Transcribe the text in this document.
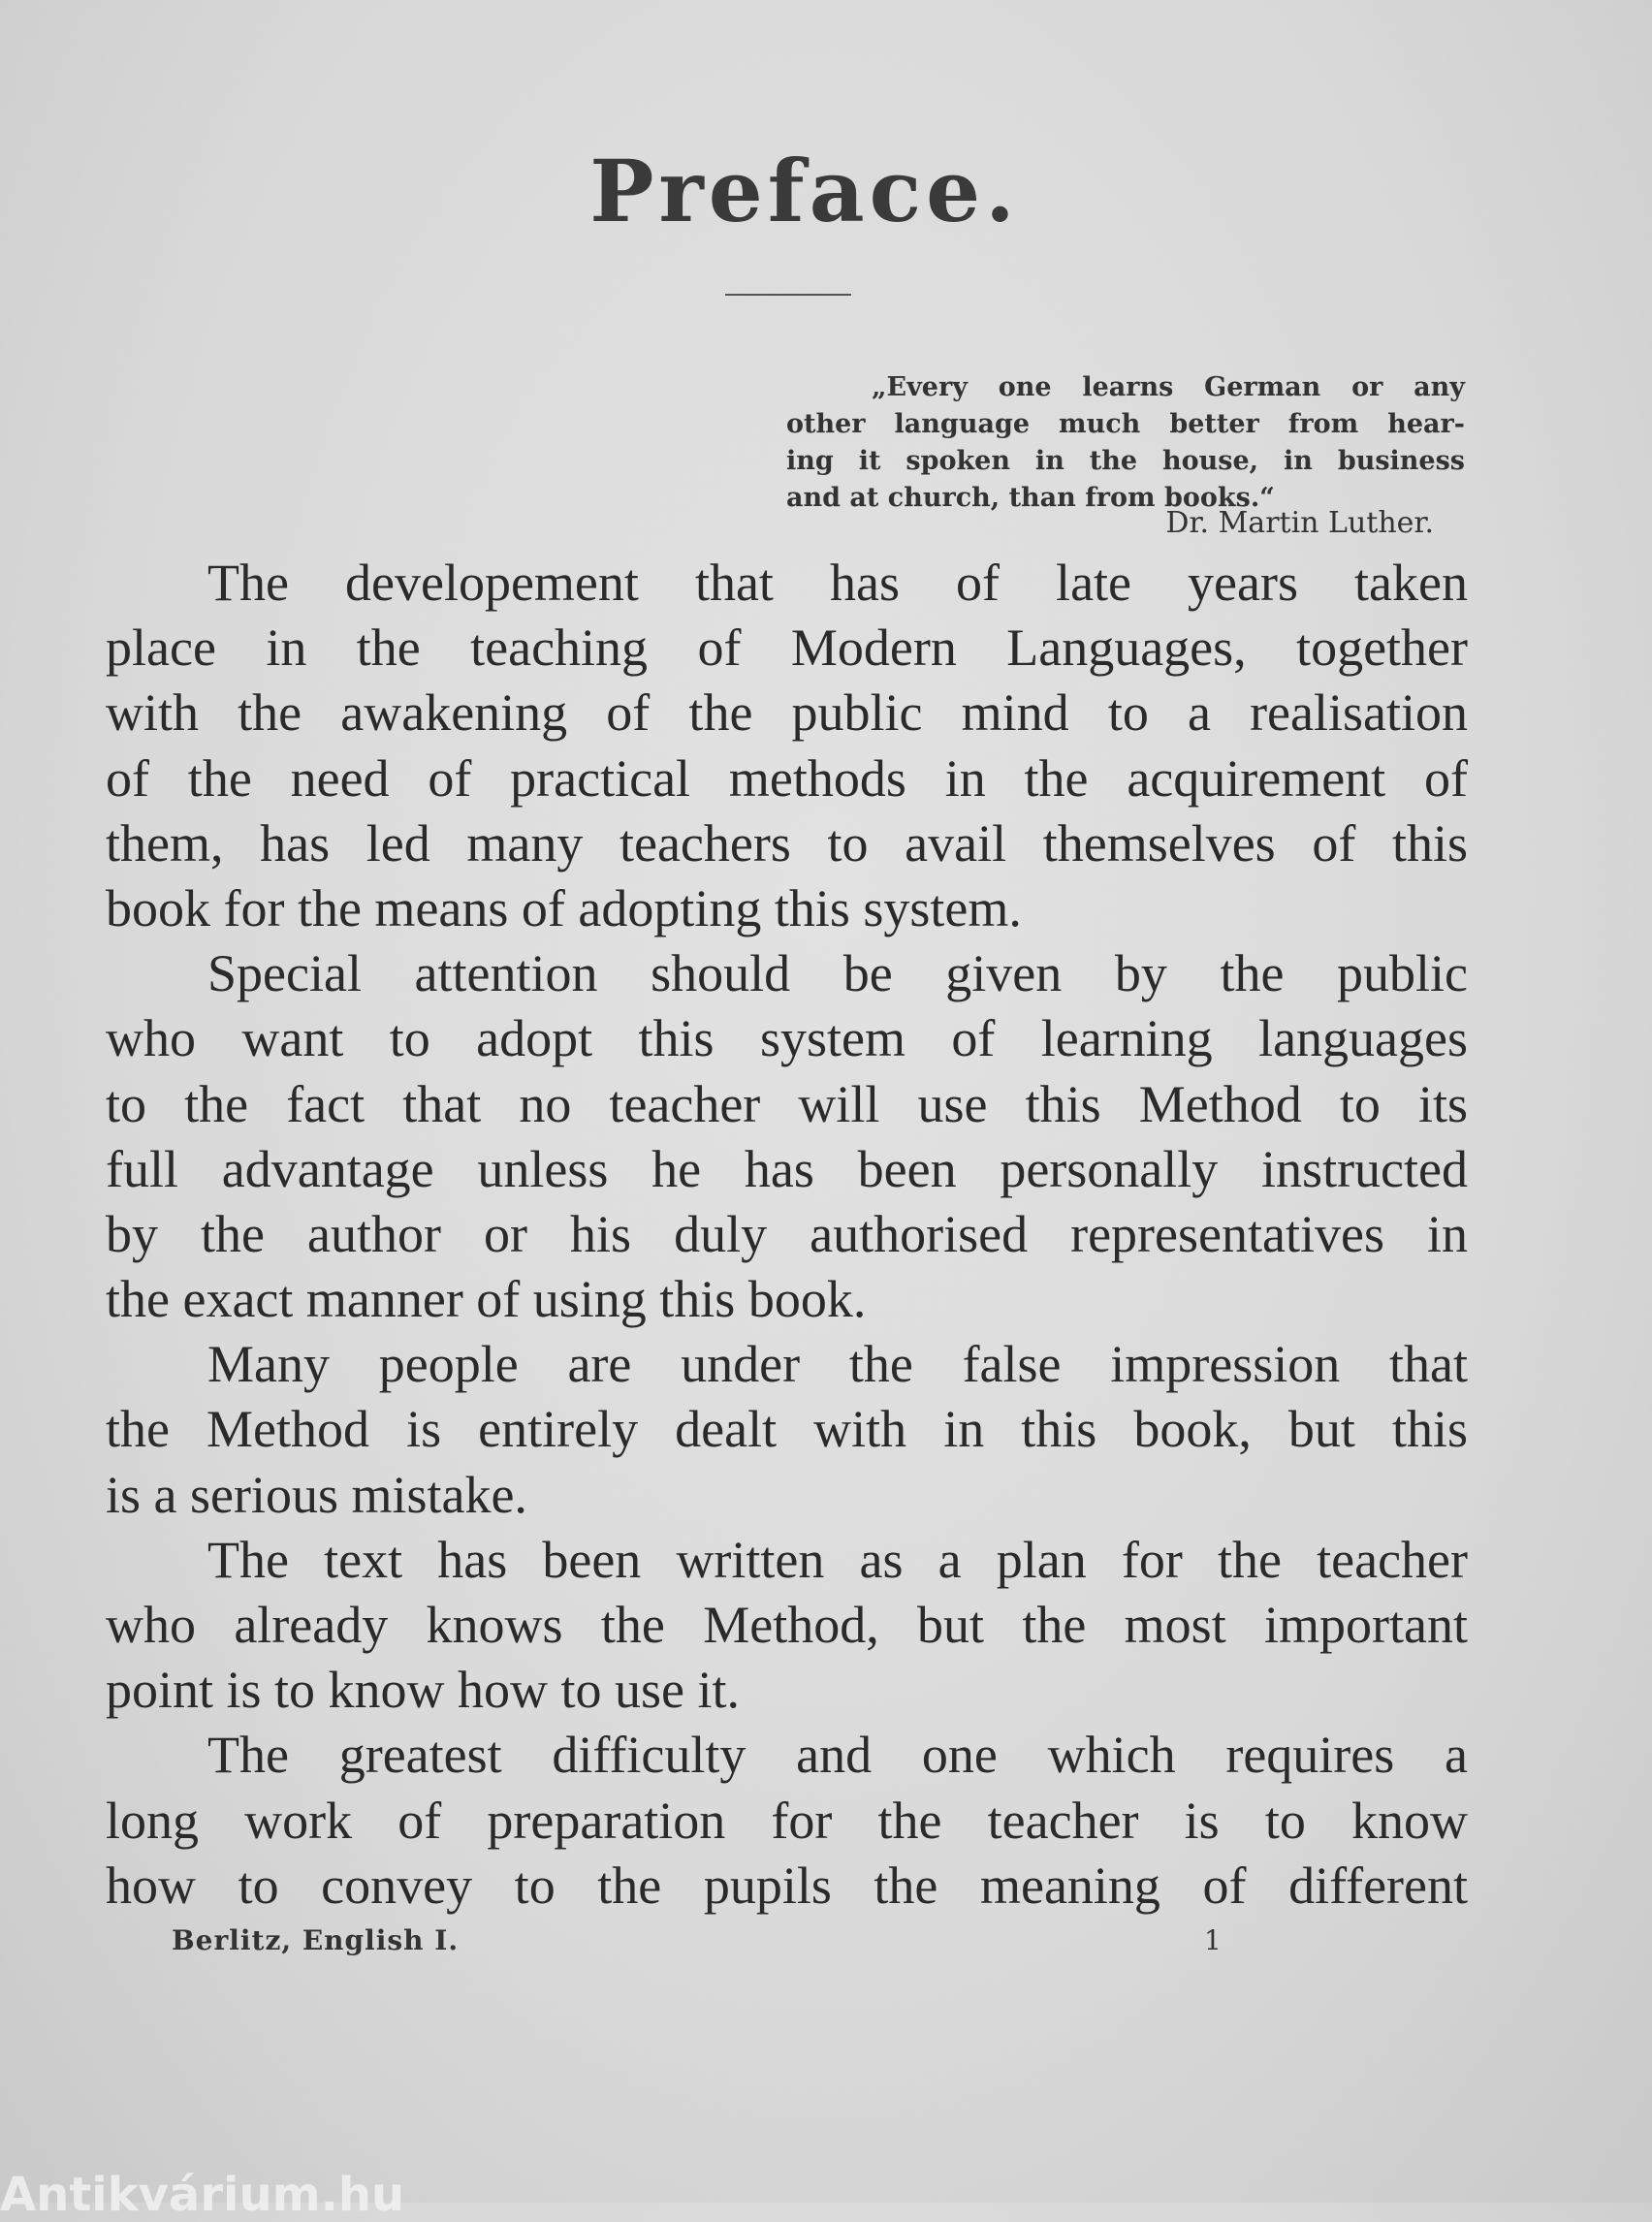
Preface.
„Every one learns German or any
other language much better from hear-
ing it spoken in the house, in business
and at church, than from books.“
Dr. Martin Luther.
The developement that has of late years taken
place in the teaching of Modern Languages, together
with the awakening of the public mind to a realisation
of the need of practical methods in the acquirement of
them, has led many teachers to avail themselves of this
book for the means of adopting this system.
Special attention should be given by the public
who want to adopt this system of learning languages
to the fact that no teacher will use this Method to its
full advantage unless he has been personally instructed
by the author or his duly authorised representatives in
the exact manner of using this book.
Many people are under the false impression that
the Method is entirely dealt with in this book, but this
is a serious mistake.
The text has been written as a plan for the teacher
who already knows the Method, but the most important
point is to know how to use it.
The greatest difficulty and one which requires a
long work of preparation for the teacher is to know
how to convey to the pupils the meaning of different
Berlitz, English I.	1
Antikvárium.hu
